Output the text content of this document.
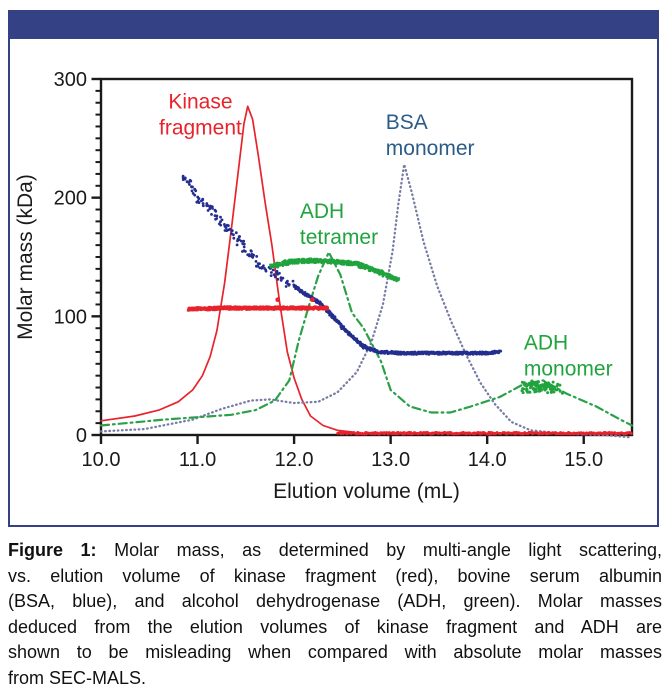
0
100
200
300
10.0	11.0	12.0	13.0	14.0	15.0
Elution volume (mL)
Molar mass (kDa)
Kinase fragment
ADH tetramer
BSA monomer
ADH monomer
Figure 1: Molar mass, as determined by multi-angle light scattering,
vs. elution volume of kinase fragment (red), bovine serum albumin
(BSA, blue), and alcohol dehydrogenase (ADH, green). Molar masses
deduced from the elution volumes of kinase fragment and ADH are
shown to be misleading when compared with absolute molar masses
from SEC-MALS.
